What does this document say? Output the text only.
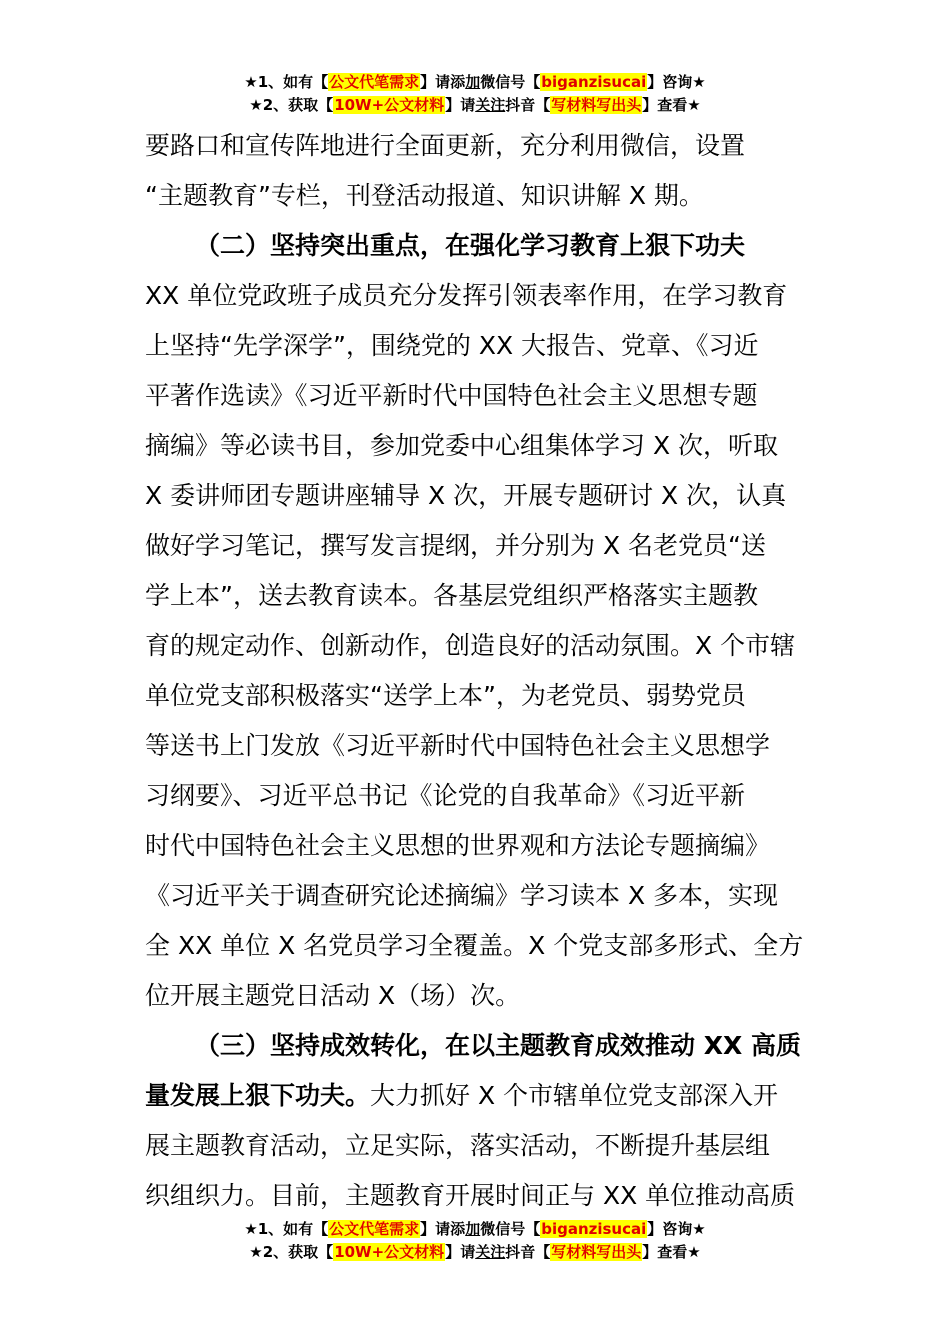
★1、如有【公文代笔需求】请添加微信号【biganzisucai】咨询★
★2、获取【10W+公文材料】请关注抖音【写材料写出头】查看★
要路口和宣传阵地进行全面更新，充分利用微信，设置
“主题教育”专栏，刊登活动报道、知识讲解 X 期。
（二）坚持突出重点，在强化学习教育上狠下功夫
XX 单位党政班子成员充分发挥引领表率作用，在学习教育
上坚持“先学深学”，围绕党的 XX 大报告、党章、《习近
平著作选读》《习近平新时代中国特色社会主义思想专题
摘编》等必读书目，参加党委中心组集体学习 X 次，听取
X 委讲师团专题讲座辅导 X 次，开展专题研讨 X 次，认真
做好学习笔记，撰写发言提纲，并分别为 X 名老党员“送
学上本”，送去教育读本。各基层党组织严格落实主题教
育的规定动作、创新动作，创造良好的活动氛围。X 个市辖
单位党支部积极落实“送学上本”，为老党员、弱势党员
等送书上门发放《习近平新时代中国特色社会主义思想学
习纲要》、习近平总书记《论党的自我革命》《习近平新
时代中国特色社会主义思想的世界观和方法论专题摘编》
《习近平关于调查研究论述摘编》学习读本 X 多本，实现
全 XX 单位 X 名党员学习全覆盖。X 个党支部多形式、全方
位开展主题党日活动 X（场）次。
（三）坚持成效转化，在以主题教育成效推动 XX 高质
量发展上狠下功夫。大力抓好 X 个市辖单位党支部深入开
展主题教育活动，立足实际，落实活动，不断提升基层组
织组织力。目前，主题教育开展时间正与 XX 单位推动高质
★1、如有【公文代笔需求】请添加微信号【biganzisucai】咨询★
★2、获取【10W+公文材料】请关注抖音【写材料写出头】查看★
